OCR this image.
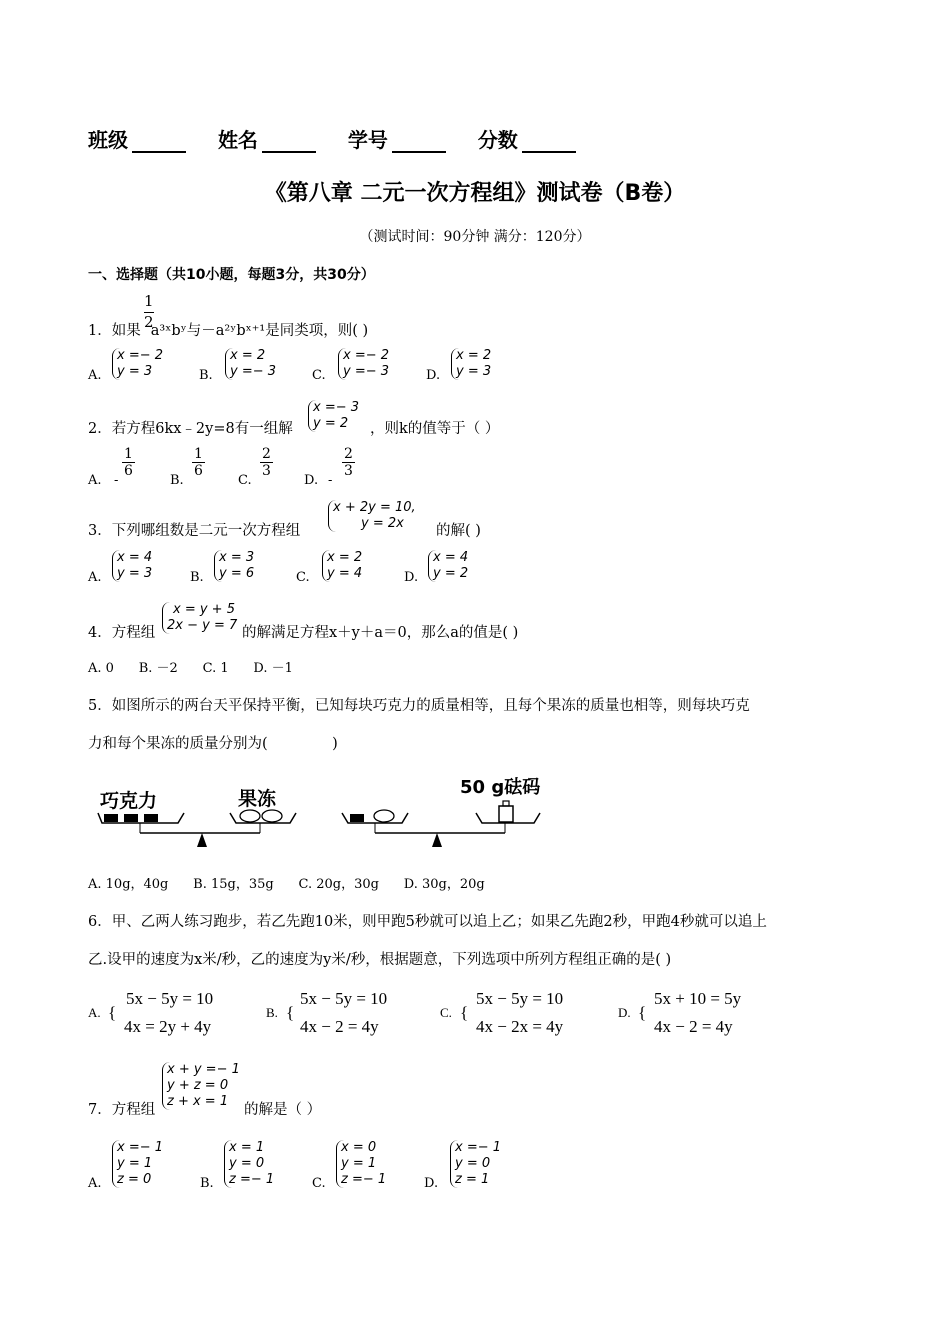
班级	姓名	学号	分数
《第八章 二元一次方程组》测试卷（B卷）
（测试时间：90分钟 满分：120分）
一、选择题（共10小题，每题3分，共30分）
$\frac{1}{2}$
1．如果 a³ˣbʸ与－a²ʸbˣ⁺¹是同类项，则( )
A.
x =− 2
y = 3	B.
x = 2
y =− 3	C.
x =− 2
y =− 3	D.
x = 2
y = 3
2．若方程6kx﹣2y=8有一组解
x =− 3
y = 2	，则k的值等于（ ）
A. -
$\frac{1}{6}$
B.
$\frac{1}{6}$
C.
$\frac{2}{3}$
D. -
$\frac{2}{3}$
3．下列哪组数是二元一次方程组
x + 2y = 10,
y = 2x	的解( )
A.
x = 4
y = 3	B.
x = 3
y = 6	C.
x = 2
y = 4	D.
x = 4
y = 2
4．方程组
x = y + 5
2x − y = 7 的解满足方程x＋y＋a＝0，那么a的值是( )
A. 0      B. －2      C. 1      D. －1
5．如图所示的两台天平保持平衡，已知每块巧克力的质量相等，且每个果冻的质量也相等，则每块巧克
力和每个果冻的质量分别为(              )
巧克力	果冻
50 g砝码
A. 10g，40g      B. 15g，35g      C. 20g，30g      D. 30g，20g
6．甲、乙两人练习跑步，若乙先跑10米，则甲跑5秒就可以追上乙；如果乙先跑2秒，甲跑4秒就可以追上
乙.设甲的速度为x米/秒，乙的速度为y米/秒，根据题意，下列选项中所列方程组正确的是( )
A. {
5x − 5y = 10
4x = 2y + 4y
B. {
5x − 5y = 10
4x − 2 = 4y
C. {
5x − 5y = 10
4x − 2x = 4y
D. {
5x + 10 = 5y
4x − 2 = 4y
7．方程组
x + y =− 1
y + z = 0
z + x = 1
的解是（ ）
A.
x =− 1
y = 1
z = 0	B.
x = 1
y = 0
z =− 1	C.
x = 0
y = 1
z =− 1	D.
x =− 1
y = 0
z = 1
